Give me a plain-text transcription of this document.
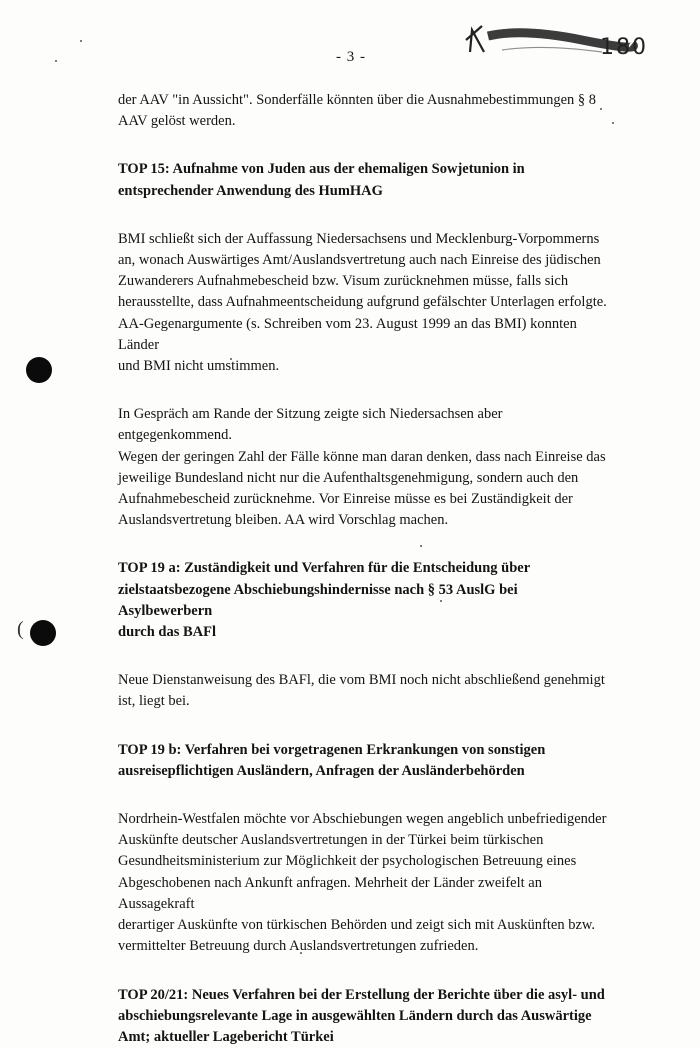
180
- 3 -
(
der AAV "in Aussicht". Sonderfälle könnten über die Ausnahmebestimmungen § 8
AAV gelöst werden.
TOP 15: Aufnahme von Juden aus der ehemaligen Sowjetunion in
entsprechender Anwendung des HumHAG
BMI schließt sich der Auffassung Niedersachsens und Mecklenburg-Vorpommerns
an, wonach Auswärtiges Amt/Auslandsvertretung auch nach Einreise des jüdischen
Zuwanderers Aufnahmebescheid bzw. Visum zurücknehmen müsse, falls sich
herausstellte, dass Aufnahmeentscheidung aufgrund gefälschter Unterlagen erfolgte.
AA-Gegenargumente (s. Schreiben vom 23. August 1999 an das BMI) konnten Länder
und BMI nicht umstimmen.
In Gespräch am Rande der Sitzung zeigte sich Niedersachsen aber entgegenkommend.
Wegen der geringen Zahl der Fälle könne man daran denken, dass nach Einreise das
jeweilige Bundesland nicht nur die Aufenthaltsgenehmigung, sondern auch den
Aufnahmebescheid zurücknehme. Vor Einreise müsse es bei Zuständigkeit der
Auslandsvertretung bleiben. AA wird Vorschlag machen.
TOP 19 a: Zuständigkeit und Verfahren für die Entscheidung über
zielstaatsbezogene Abschiebungshindernisse nach § 53 AuslG bei Asylbewerbern
durch das BAFl
Neue Dienstanweisung des BAFl, die vom BMI noch nicht abschließend genehmigt
ist, liegt bei.
TOP 19 b: Verfahren bei vorgetragenen Erkrankungen von sonstigen
ausreisepflichtigen Ausländern, Anfragen der Ausländerbehörden
Nordrhein-Westfalen möchte vor Abschiebungen wegen angeblich unbefriedigender
Auskünfte deutscher Auslandsvertretungen in der Türkei beim türkischen
Gesundheitsministerium zur Möglichkeit der psychologischen Betreuung eines
Abgeschobenen nach Ankunft anfragen. Mehrheit der Länder zweifelt an Aussagekraft
derartiger Auskünfte von türkischen Behörden und zeigt sich mit Auskünften bzw.
vermittelter Betreuung durch Auslandsvertretungen zufrieden.
TOP 20/21: Neues Verfahren bei der Erstellung der Berichte über die asyl- und
abschiebungsrelevante Lage in ausgewählten Ländern durch das Auswärtige
Amt; aktueller Lagebericht Türkei
